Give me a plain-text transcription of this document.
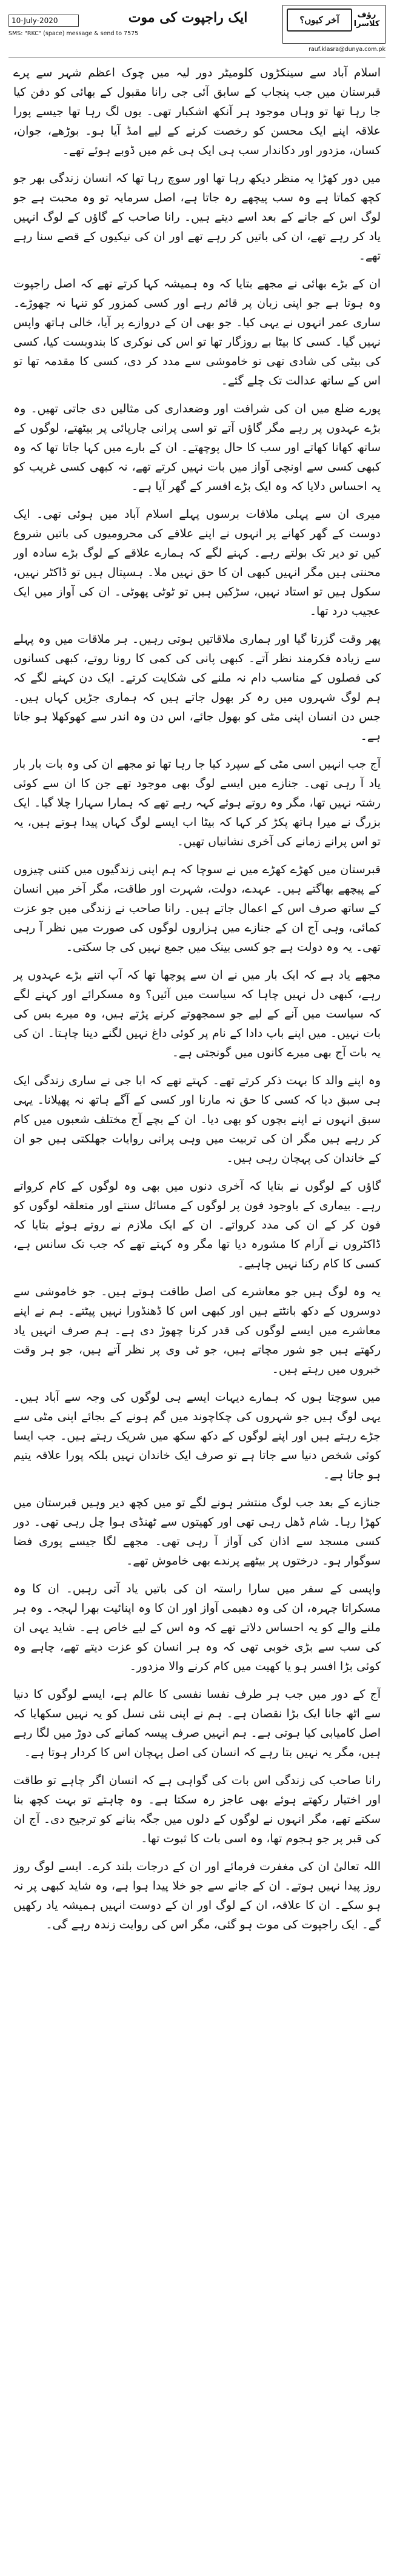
10-July-2020	ایک راجپوت کی موت	آخر کیوں؟	رؤف کلاسرا
SMS: "RKC" (space) message & send to 7575
rauf.klasra@dunya.com.pk

اسلام آباد سے سینکڑوں کلومیٹر دور لیہ میں چوک اعظم شہر سے پرے قبرستان میں جب پنجاب کے سابق آئی جی رانا مقبول کے بھائی کو دفن کیا جا رہا تھا تو وہاں موجود ہر آنکھ اشکبار تھی۔ یوں لگ رہا تھا جیسے پورا علاقہ اپنے ایک محسن کو رخصت کرنے کے لیے امڈ آیا ہو۔ بوڑھے، جوان، کسان، مزدور اور دکاندار سب ہی ایک ہی غم میں ڈوبے ہوئے تھے۔

میں دور کھڑا یہ منظر دیکھ رہا تھا اور سوچ رہا تھا کہ انسان زندگی بھر جو کچھ کماتا ہے وہ سب پیچھے رہ جاتا ہے، اصل سرمایہ تو وہ محبت ہے جو لوگ اس کے جانے کے بعد اسے دیتے ہیں۔ رانا صاحب کے گاؤں کے لوگ انہیں یاد کر رہے تھے، ان کی باتیں کر رہے تھے اور ان کی نیکیوں کے قصے سنا رہے تھے۔

ان کے بڑے بھائی نے مجھے بتایا کہ وہ ہمیشہ کہا کرتے تھے کہ اصل راجپوت وہ ہوتا ہے جو اپنی زبان پر قائم رہے اور کسی کمزور کو تنہا نہ چھوڑے۔ ساری عمر انہوں نے یہی کیا۔ جو بھی ان کے دروازے پر آیا، خالی ہاتھ واپس نہیں گیا۔ کسی کا بیٹا بے روزگار تھا تو اس کی نوکری کا بندوبست کیا، کسی کی بیٹی کی شادی تھی تو خاموشی سے مدد کر دی، کسی کا مقدمہ تھا تو اس کے ساتھ عدالت تک چلے گئے۔

پورے ضلع میں ان کی شرافت اور وضعداری کی مثالیں دی جاتی تھیں۔ وہ بڑے عہدوں پر رہے مگر گاؤں آتے تو اسی پرانی چارپائی پر بیٹھتے، لوگوں کے ساتھ کھانا کھاتے اور سب کا حال پوچھتے۔ ان کے بارے میں کہا جاتا تھا کہ وہ کبھی کسی سے اونچی آواز میں بات نہیں کرتے تھے، نہ کبھی کسی غریب کو یہ احساس دلایا کہ وہ ایک بڑے افسر کے گھر آیا ہے۔

میری ان سے پہلی ملاقات برسوں پہلے اسلام آباد میں ہوئی تھی۔ ایک دوست کے گھر کھانے پر انہوں نے اپنے علاقے کی محرومیوں کی باتیں شروع کیں تو دیر تک بولتے رہے۔ کہنے لگے کہ ہمارے علاقے کے لوگ بڑے سادہ اور محنتی ہیں مگر انہیں کبھی ان کا حق نہیں ملا۔ ہسپتال ہیں تو ڈاکٹر نہیں، سکول ہیں تو استاد نہیں، سڑکیں ہیں تو ٹوٹی پھوٹی۔ ان کی آواز میں ایک عجیب درد تھا۔

پھر وقت گزرتا گیا اور ہماری ملاقاتیں ہوتی رہیں۔ ہر ملاقات میں وہ پہلے سے زیادہ فکرمند نظر آتے۔ کبھی پانی کی کمی کا رونا روتے، کبھی کسانوں کی فصلوں کے مناسب دام نہ ملنے کی شکایت کرتے۔ ایک دن کہنے لگے کہ ہم لوگ شہروں میں رہ کر بھول جاتے ہیں کہ ہماری جڑیں کہاں ہیں۔ جس دن انسان اپنی مٹی کو بھول جائے، اس دن وہ اندر سے کھوکھلا ہو جاتا ہے۔

آج جب انہیں اسی مٹی کے سپرد کیا جا رہا تھا تو مجھے ان کی وہ بات بار بار یاد آ رہی تھی۔ جنازے میں ایسے لوگ بھی موجود تھے جن کا ان سے کوئی رشتہ نہیں تھا، مگر وہ روتے ہوئے کہہ رہے تھے کہ ہمارا سہارا چلا گیا۔ ایک بزرگ نے میرا ہاتھ پکڑ کر کہا کہ بیٹا اب ایسے لوگ کہاں پیدا ہوتے ہیں، یہ تو اس پرانے زمانے کی آخری نشانیاں تھیں۔

قبرستان میں کھڑے کھڑے میں نے سوچا کہ ہم اپنی زندگیوں میں کتنی چیزوں کے پیچھے بھاگتے ہیں۔ عہدے، دولت، شہرت اور طاقت، مگر آخر میں انسان کے ساتھ صرف اس کے اعمال جاتے ہیں۔ رانا صاحب نے زندگی میں جو عزت کمائی، وہی آج ان کے جنازے میں ہزاروں لوگوں کی صورت میں نظر آ رہی تھی۔ یہ وہ دولت ہے جو کسی بینک میں جمع نہیں کی جا سکتی۔

مجھے یاد ہے کہ ایک بار میں نے ان سے پوچھا تھا کہ آپ اتنے بڑے عہدوں پر رہے، کبھی دل نہیں چاہا کہ سیاست میں آئیں؟ وہ مسکرائے اور کہنے لگے کہ سیاست میں آنے کے لیے جو سمجھوتے کرنے پڑتے ہیں، وہ میرے بس کی بات نہیں۔ میں اپنے باپ دادا کے نام پر کوئی داغ نہیں لگنے دینا چاہتا۔ ان کی یہ بات آج بھی میرے کانوں میں گونجتی ہے۔

وہ اپنے والد کا بہت ذکر کرتے تھے۔ کہتے تھے کہ ابا جی نے ساری زندگی ایک ہی سبق دیا کہ کسی کا حق نہ مارنا اور کسی کے آگے ہاتھ نہ پھیلانا۔ یہی سبق انہوں نے اپنے بچوں کو بھی دیا۔ ان کے بچے آج مختلف شعبوں میں کام کر رہے ہیں مگر ان کی تربیت میں وہی پرانی روایات جھلکتی ہیں جو ان کے خاندان کی پہچان رہی ہیں۔

گاؤں کے لوگوں نے بتایا کہ آخری دنوں میں بھی وہ لوگوں کے کام کرواتے رہے۔ بیماری کے باوجود فون پر لوگوں کے مسائل سنتے اور متعلقہ لوگوں کو فون کر کے ان کی مدد کرواتے۔ ان کے ایک ملازم نے روتے ہوئے بتایا کہ ڈاکٹروں نے آرام کا مشورہ دیا تھا مگر وہ کہتے تھے کہ جب تک سانس ہے، کسی کا کام رکنا نہیں چاہیے۔

یہ وہ لوگ ہیں جو معاشرے کی اصل طاقت ہوتے ہیں۔ جو خاموشی سے دوسروں کے دکھ بانٹتے ہیں اور کبھی اس کا ڈھنڈورا نہیں پیٹتے۔ ہم نے اپنے معاشرے میں ایسے لوگوں کی قدر کرنا چھوڑ دی ہے۔ ہم صرف انہیں یاد رکھتے ہیں جو شور مچاتے ہیں، جو ٹی وی پر نظر آتے ہیں، جو ہر وقت خبروں میں رہتے ہیں۔

میں سوچتا ہوں کہ ہمارے دیہات ایسے ہی لوگوں کی وجہ سے آباد ہیں۔ یہی لوگ ہیں جو شہروں کی چکاچوند میں گم ہونے کے بجائے اپنی مٹی سے جڑے رہتے ہیں اور اپنے لوگوں کے دکھ سکھ میں شریک رہتے ہیں۔ جب ایسا کوئی شخص دنیا سے جاتا ہے تو صرف ایک خاندان نہیں بلکہ پورا علاقہ یتیم ہو جاتا ہے۔

جنازے کے بعد جب لوگ منتشر ہونے لگے تو میں کچھ دیر وہیں قبرستان میں کھڑا رہا۔ شام ڈھل رہی تھی اور کھیتوں سے ٹھنڈی ہوا چل رہی تھی۔ دور کسی مسجد سے اذان کی آواز آ رہی تھی۔ مجھے لگا جیسے پوری فضا سوگوار ہو۔ درختوں پر بیٹھے پرندے بھی خاموش تھے۔

واپسی کے سفر میں سارا راستہ ان کی باتیں یاد آتی رہیں۔ ان کا وہ مسکراتا چہرہ، ان کی وہ دھیمی آواز اور ان کا وہ اپنائیت بھرا لہجہ۔ وہ ہر ملنے والے کو یہ احساس دلاتے تھے کہ وہ اس کے لیے خاص ہے۔ شاید یہی ان کی سب سے بڑی خوبی تھی کہ وہ ہر انسان کو عزت دیتے تھے، چاہے وہ کوئی بڑا افسر ہو یا کھیت میں کام کرنے والا مزدور۔

آج کے دور میں جب ہر طرف نفسا نفسی کا عالم ہے، ایسے لوگوں کا دنیا سے اٹھ جانا ایک بڑا نقصان ہے۔ ہم نے اپنی نئی نسل کو یہ نہیں سکھایا کہ اصل کامیابی کیا ہوتی ہے۔ ہم انہیں صرف پیسہ کمانے کی دوڑ میں لگا رہے ہیں، مگر یہ نہیں بتا رہے کہ انسان کی اصل پہچان اس کا کردار ہوتا ہے۔

رانا صاحب کی زندگی اس بات کی گواہی ہے کہ انسان اگر چاہے تو طاقت اور اختیار رکھتے ہوئے بھی عاجز رہ سکتا ہے۔ وہ چاہتے تو بہت کچھ بنا سکتے تھے، مگر انہوں نے لوگوں کے دلوں میں جگہ بنانے کو ترجیح دی۔ آج ان کی قبر پر جو ہجوم تھا، وہ اسی بات کا ثبوت تھا۔

اللہ تعالیٰ ان کی مغفرت فرمائے اور ان کے درجات بلند کرے۔ ایسے لوگ روز روز پیدا نہیں ہوتے۔ ان کے جانے سے جو خلا پیدا ہوا ہے، وہ شاید کبھی پر نہ ہو سکے۔ ان کا علاقہ، ان کے لوگ اور ان کے دوست انہیں ہمیشہ یاد رکھیں گے۔ ایک راجپوت کی موت ہو گئی، مگر اس کی روایت زندہ رہے گی۔
